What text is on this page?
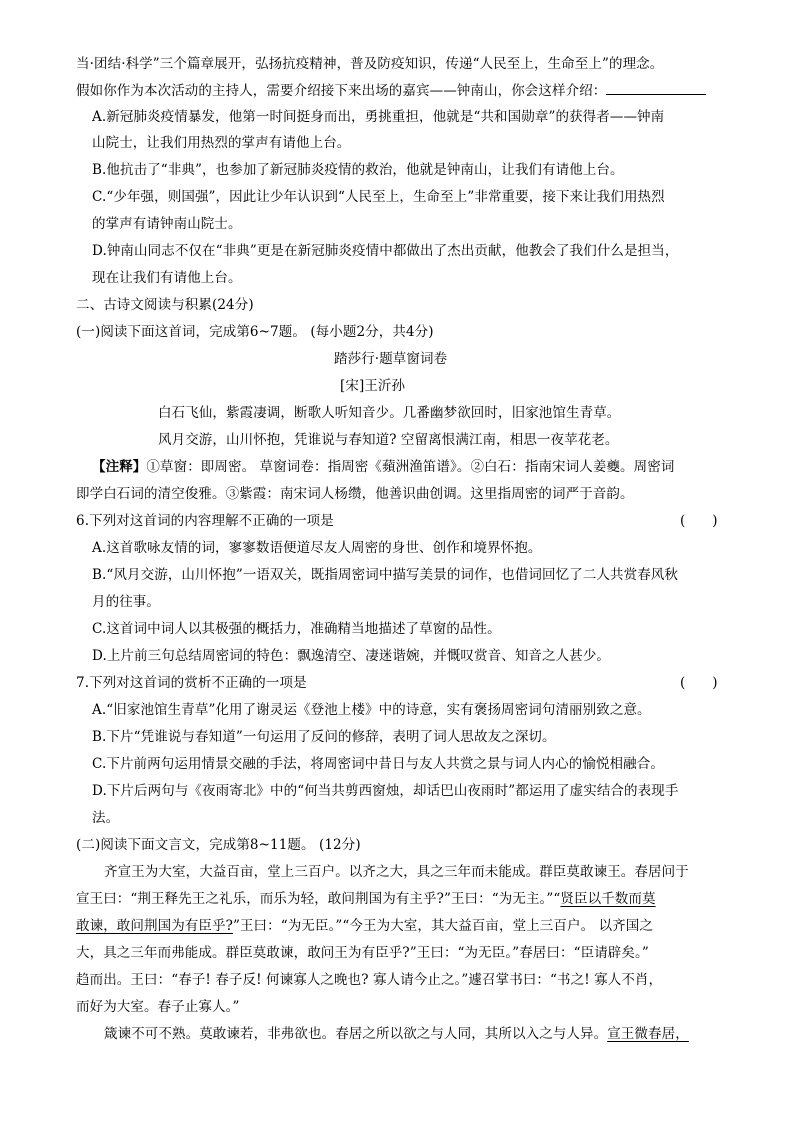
当·团结·科学”三个篇章展开，弘扬抗疫精神，普及防疫知识，传递“人民至上，生命至上”的理念。
假如你作为本次活动的主持人，需要介绍接下来出场的嘉宾——钟南山，你会这样介绍：
A.新冠肺炎疫情暴发，他第一时间挺身而出，勇挑重担，他就是“共和国勋章”的获得者——钟南
山院士，让我们用热烈的掌声有请他上台。
B.他抗击了“非典”，也参加了新冠肺炎疫情的救治，他就是钟南山，让我们有请他上台。
C.“少年强，则国强”，因此让少年认识到“人民至上，生命至上”非常重要，接下来让我们用热烈
的掌声有请钟南山院士。
D.钟南山同志不仅在“非典”更是在新冠肺炎疫情中都做出了杰出贡献，他教会了我们什么是担当，
现在让我们有请他上台。
二、古诗文阅读与积累(24分)
(一)阅读下面这首词，完成第6~7题。 (每小题2分，共4分)
踏莎行·题草窗词卷
[宋]王沂孙
白石飞仙，紫霞凄调，断歌人听知音少。几番幽梦欲回时，旧家池馆生青草。
风月交游，山川怀抱，凭谁说与春知道? 空留离恨满江南，相思一夜苹花老。
【注释】①草窗：即周密。 草窗词卷：指周密《蘋洲渔笛谱》。②白石：指南宋词人姜夔。周密词
即学白石词的清空俊雅。③紫霞：南宋词人杨缵，他善识曲创调。这里指周密的词严于音韵。
6.下列对这首词的内容理解不正确的一项是	(　　)
A.这首歌咏友情的词，寥寥数语便道尽友人周密的身世、创作和境界怀抱。
B.“风月交游，山川怀抱”一语双关，既指周密词中描写美景的词作，也借词回忆了二人共赏春风秋
月的往事。
C.这首词中词人以其极强的概括力，准确精当地描述了草窗的品性。
D.上片前三句总结周密词的特色：飘逸清空、凄迷谐婉，并慨叹赏音、知音之人甚少。
7.下列对这首词的赏析不正确的一项是	(　　)
A.“旧家池馆生青草”化用了谢灵运《登池上楼》中的诗意，实有褒扬周密词句清丽别致之意。
B.下片“凭谁说与春知道”一句运用了反问的修辞，表明了词人思故友之深切。
C.下片前两句运用情景交融的手法，将周密词中昔日与友人共赏之景与词人内心的愉悦相融合。
D.下片后两句与《夜雨寄北》中的“何当共剪西窗烛，却话巴山夜雨时”都运用了虚实结合的表现手
法。
(二)阅读下面文言文，完成第8~11题。 (12分)
齐宣王为大室，大益百亩，堂上三百户。以齐之大，具之三年而未能成。群臣莫敢谏王。春居问于
宣王曰：“荆王释先王之礼乐，而乐为轻，敢问荆国为有主乎?”王曰：“为无主。”“贤臣以千数而莫
敢谏，敢问荆国为有臣乎?”王曰：“为无臣。”“今王为大室，其大益百亩，堂上三百户。 以齐国之
大，具之三年而弗能成。群臣莫敢谏，敢问王为有臣乎?”王曰：“为无臣。”春居曰：“臣请辟矣。”
趋而出。王曰：“春子! 春子反! 何谏寡人之晚也? 寡人请今止之。”遽召掌书曰：“书之! 寡人不肖，
而好为大室。春子止寡人。”
箴谏不可不熟。莫敢谏若，非弗欲也。春居之所以欲之与人同，其所以入之与人异。宣王微春居，
